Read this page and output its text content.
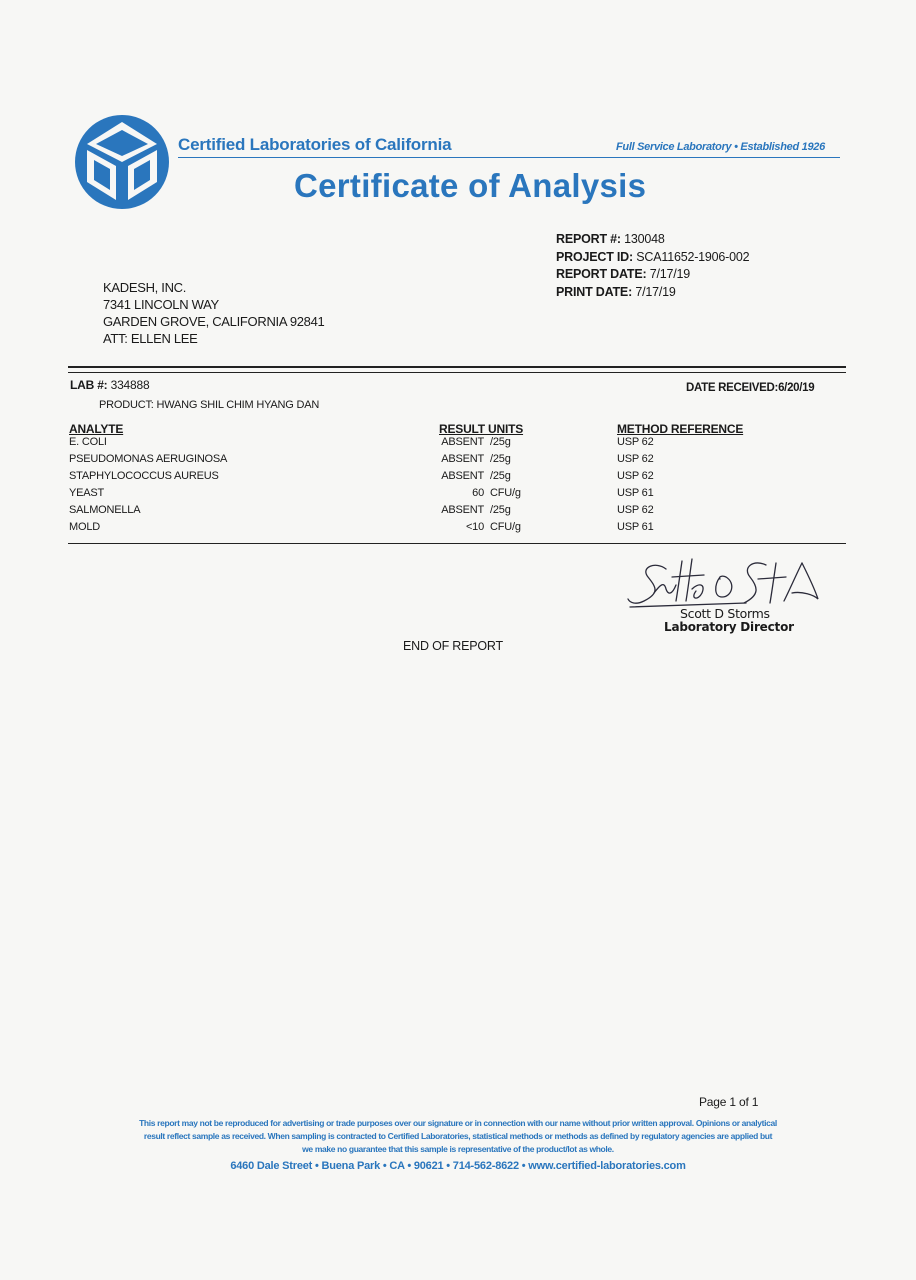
Certified Laboratories of California	Full Service Laboratory • Established 1926
Certificate of Analysis
REPORT #: 130048
PROJECT ID: SCA11652-1906-002
REPORT DATE: 7/17/19
PRINT DATE: 7/17/19
KADESH, INC.
7341 LINCOLN WAY
GARDEN GROVE, CALIFORNIA 92841
ATT: ELLEN LEE
LAB #: 334888	DATE RECEIVED:6/20/19
PRODUCT: HWANG SHIL CHIM HYANG DAN
ANALYTE	RESULT UNITS	METHOD REFERENCE
E. COLI	ABSENT /25g	USP 62
PSEUDOMONAS AERUGINOSA	ABSENT /25g	USP 62
STAPHYLOCOCCUS AUREUS	ABSENT /25g	USP 62
YEAST	60 CFU/g	USP 61
SALMONELLA	ABSENT /25g	USP 62
MOLD	<10 CFU/g	USP 61
Scott D Storms
Laboratory Director
END OF REPORT
Page 1 of 1
This report may not be reproduced for advertising or trade purposes over our signature or in connection with our name without prior written approval. Opinions or analytical
result reflect sample as received. When sampling is contracted to Certified Laboratories, statistical methods or methods as defined by regulatory agencies are applied but
we make no guarantee that this sample is representative of the product/lot as whole.
6460 Dale Street • Buena Park • CA • 90621 • 714-562-8622 • www.certified-laboratories.com
